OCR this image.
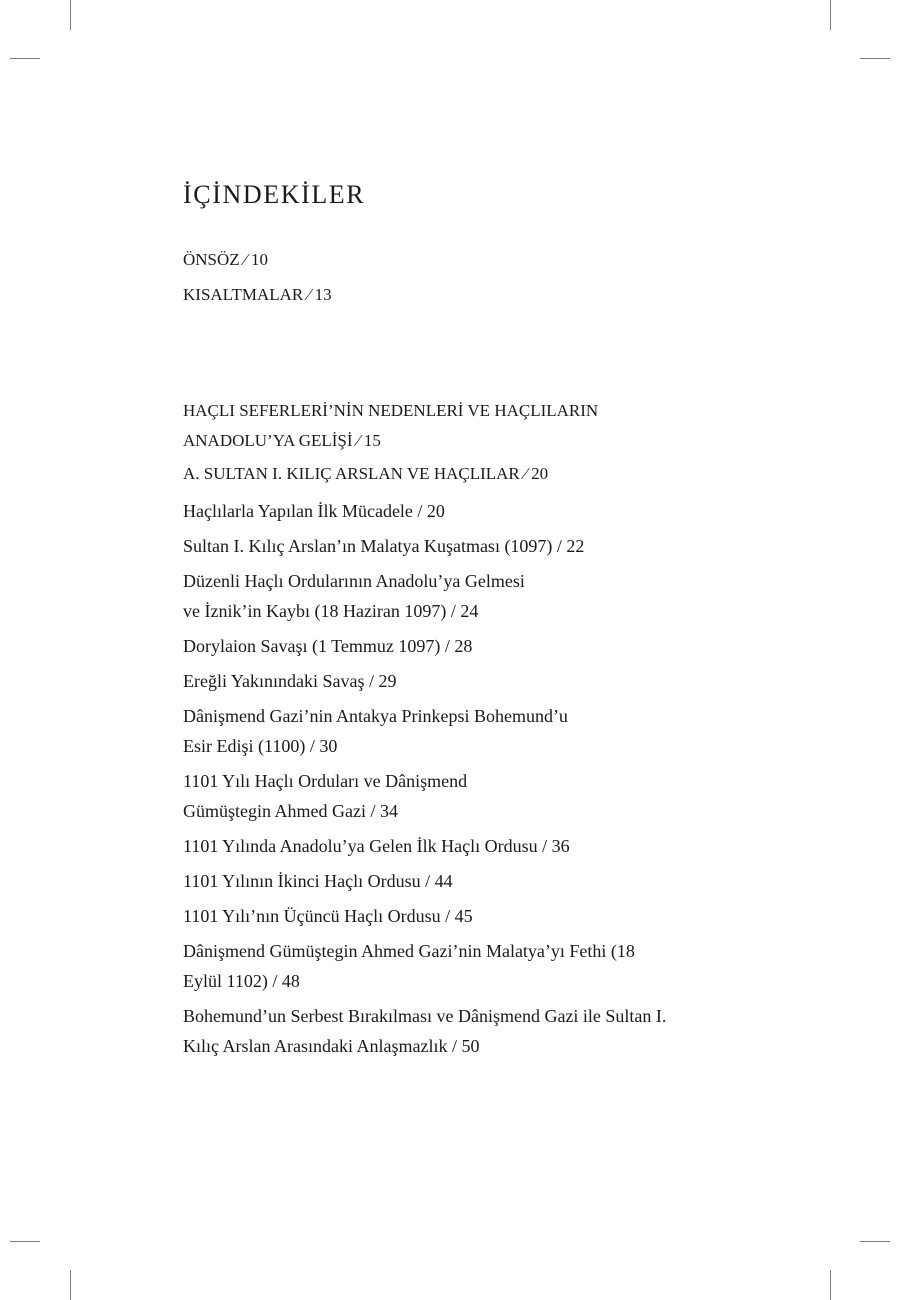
İÇİNDEKİLER
ÖNSÖZ ⁄ 10
KISALTMALAR ⁄ 13
HAÇLI SEFERLERİ’NİN NEDENLERİ VE HAÇLILARIN
ANADOLU’YA GELİŞİ ⁄ 15
A. SULTAN I. KILIÇ ARSLAN VE HAÇLILAR ⁄ 20
Haçlılarla Yapılan İlk Mücadele / 20
Sultan I. Kılıç Arslan’ın Malatya Kuşatması (1097) / 22
Düzenli Haçlı Ordularının Anadolu’ya Gelmesi
ve İznik’in Kaybı (18 Haziran 1097) / 24
Dorylaion Savaşı (1 Temmuz 1097) / 28
Ereğli Yakınındaki Savaş / 29
Dânişmend Gazi’nin Antakya Prinkepsi Bohemund’u
Esir Edişi (1100) / 30
1101 Yılı Haçlı Orduları ve Dânişmend
Gümüştegin Ahmed Gazi / 34
1101 Yılında Anadolu’ya Gelen İlk Haçlı Ordusu / 36
1101 Yılının İkinci Haçlı Ordusu / 44
1101 Yılı’nın Üçüncü Haçlı Ordusu / 45
Dânişmend Gümüştegin Ahmed Gazi’nin Malatya’yı Fethi (18
Eylül 1102) / 48
Bohemund’un Serbest Bırakılması ve Dânişmend Gazi ile Sultan I.
Kılıç Arslan Arasındaki Anlaşmazlık / 50
